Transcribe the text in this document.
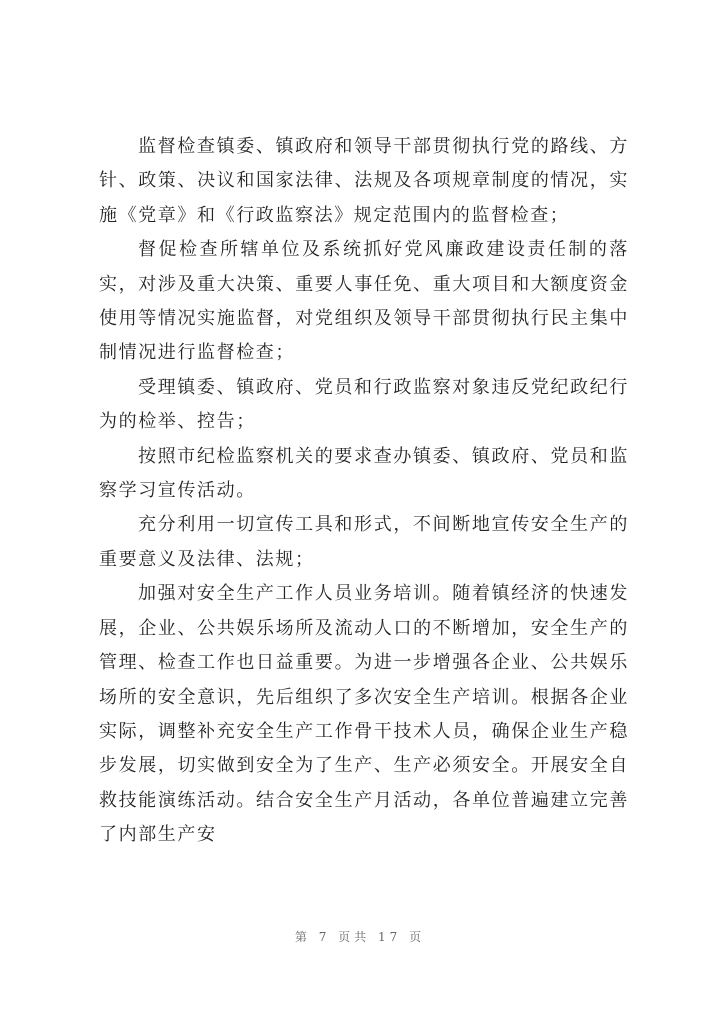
监督检查镇委、镇政府和领导干部贯彻执行党的路线、方针、政策、决议和国家法律、法规及各项规章制度的情况，实施《党章》和《行政监察法》规定范围内的监督检查；

督促检查所辖单位及系统抓好党风廉政建设责任制的落实，对涉及重大决策、重要人事任免、重大项目和大额度资金使用等情况实施监督，对党组织及领导干部贯彻执行民主集中制情况进行监督检查；

受理镇委、镇政府、党员和行政监察对象违反党纪政纪行为的检举、控告；

按照市纪检监察机关的要求查办镇委、镇政府、党员和监察学习宣传活动。

充分利用一切宣传工具和形式，不间断地宣传安全生产的重要意义及法律、法规；

加强对安全生产工作人员业务培训。随着镇经济的快速发展，企业、公共娱乐场所及流动人口的不断增加，安全生产的管理、检查工作也日益重要。为进一步增强各企业、公共娱乐场所的安全意识，先后组织了多次安全生产培训。根据各企业实际，调整补充安全生产工作骨干技术人员，确保企业生产稳步发展，切实做到安全为了生产、生产必须安全。开展安全自救技能演练活动。结合安全生产月活动，各单位普遍建立完善了内部生产安

第 7 页共 17 页
